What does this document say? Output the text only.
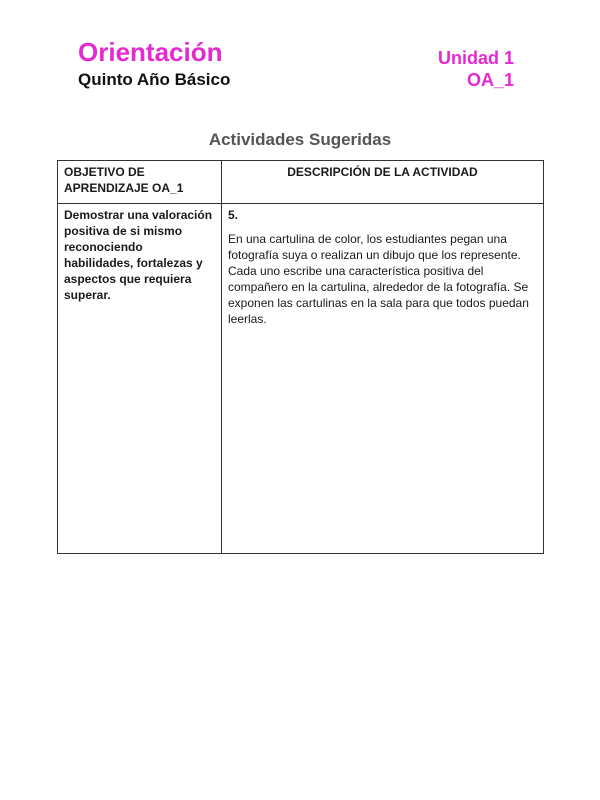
Orientación
Quinto Año Básico
Unidad 1
OA_1
Actividades Sugeridas
OBJETIVO DE APRENDIZAJE OA_1	DESCRIPCIÓN DE LA ACTIVIDAD

Demostrar una valoración positiva de si mismo reconociendo habilidades, fortalezas y aspectos que requiera superar.	5.
En una cartulina de color, los estudiantes pegan una fotografía suya o realizan un dibujo que los represente. Cada uno escribe una característica positiva del compañero en la cartulina, alrededor de la fotografía. Se exponen las cartulinas en la sala para que todos puedan leerlas.
